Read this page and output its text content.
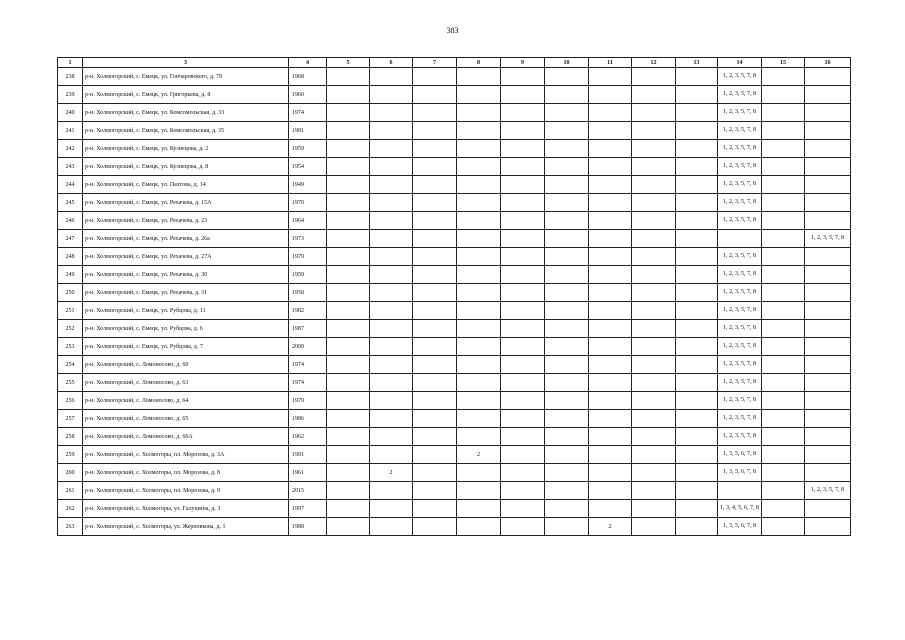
383
1	3	4	5	6	7	8	9	10	11	12	13	14	15	16
238	р-н. Холмогорский, с. Емецк, ул. Гончаровского, д. 79	1968										1, 2, 3, 5, 7, 8		
239	р-н. Холмогорский, с. Емецк, ул. Григорьева, д. 8	1960										1, 2, 3, 5, 7, 8		
240	р-н. Холмогорский, с. Емецк, ул. Комсомольская, д. 33	1974										1, 2, 3, 5, 7, 8		
241	р-н. Холмогорский, с. Емецк, ул. Комсомольская, д. 35	1981										1, 2, 3, 5, 7, 8		
242	р-н. Холмогорский, с. Емецк, ул. Кузнецова, д. 2	1959										1, 2, 3, 5, 7, 8		
243	р-н. Холмогорский, с. Емецк, ул. Кузнецова, д. 8	1954										1, 2, 3, 5, 7, 8		
244	р-н. Холмогорский, с. Емецк, ул. Пахтова, д. 14	1949										1, 2, 3, 5, 7, 8		
245	р-н. Холмогорский, с. Емецк, ул. Рехачева, д. 15А	1970										1, 2, 3, 5, 7, 8		
246	р-н. Холмогорский, с. Емецк, ул. Рехачева, д. 23	1964										1, 2, 3, 5, 7, 8		
247	р-н. Холмогорский, с. Емецк, ул. Рехачева, д. 26а	1973												1, 2, 3, 5, 7, 8
248	р-н. Холмогорский, с. Емецк, ул. Рехачева, д. 27А	1979										1, 2, 3, 5, 7, 8		
249	р-н. Холмогорский, с. Емецк, ул. Рехачева, д. 30	1959										1, 2, 3, 5, 7, 8		
250	р-н. Холмогорский, с. Емецк, ул. Рехачева, д. 31	1958										1, 2, 3, 5, 7, 8		
251	р-н. Холмогорский, с. Емецк, ул. Рубцова, д. 11	1982										1, 2, 3, 5, 7, 8		
252	р-н. Холмогорский, с. Емецк, ул. Рубцова, д. 6	1987										1, 2, 3, 5, 7, 8		
253	р-н. Холмогорский, с. Емецк, ул. Рубцова, д. 7	2009										1, 2, 3, 5, 7, 8		
254	р-н. Холмогорский, с. Ломоносово, д. 60	1974										1, 2, 3, 5, 7, 8		
255	р-н. Холмогорский, с. Ломоносово, д. 63	1974										1, 2, 3, 5, 7, 8		
256	р-н. Холмогорский, с. Ломоносово, д. 64	1979										1, 2, 3, 5, 7, 8		
257	р-н. Холмогорский, с. Ломоносово, д. 65	1986										1, 2, 3, 5, 7, 8		
258	р-н. Холмогорский, с. Ломоносово, д. 66А	1962										1, 2, 3, 5, 7, 8		
259	р-н. Холмогорский, с. Холмогоры, пл. Морозова, д. 3А	1991				2						1, 3, 5, 6, 7, 8		
260	р-н. Холмогорский, с. Холмогоры, пл. Морозова, д. 8	1961		2								1, 3, 5, 6, 7, 8		
261	р-н. Холмогорский, с. Холмогоры, пл. Морозова, д. 9	2015												1, 2, 3, 5, 7, 8
262	р-н. Холмогорский, с. Холмогоры, ул. Галушина, д. 3	1997										1, 3, 4, 5, 6, 7, 8		
263	р-н. Холмогорский, с. Холмогоры, ул. Жерновкова, д. 1	1988							2			1, 3, 5, 6, 7, 8		
